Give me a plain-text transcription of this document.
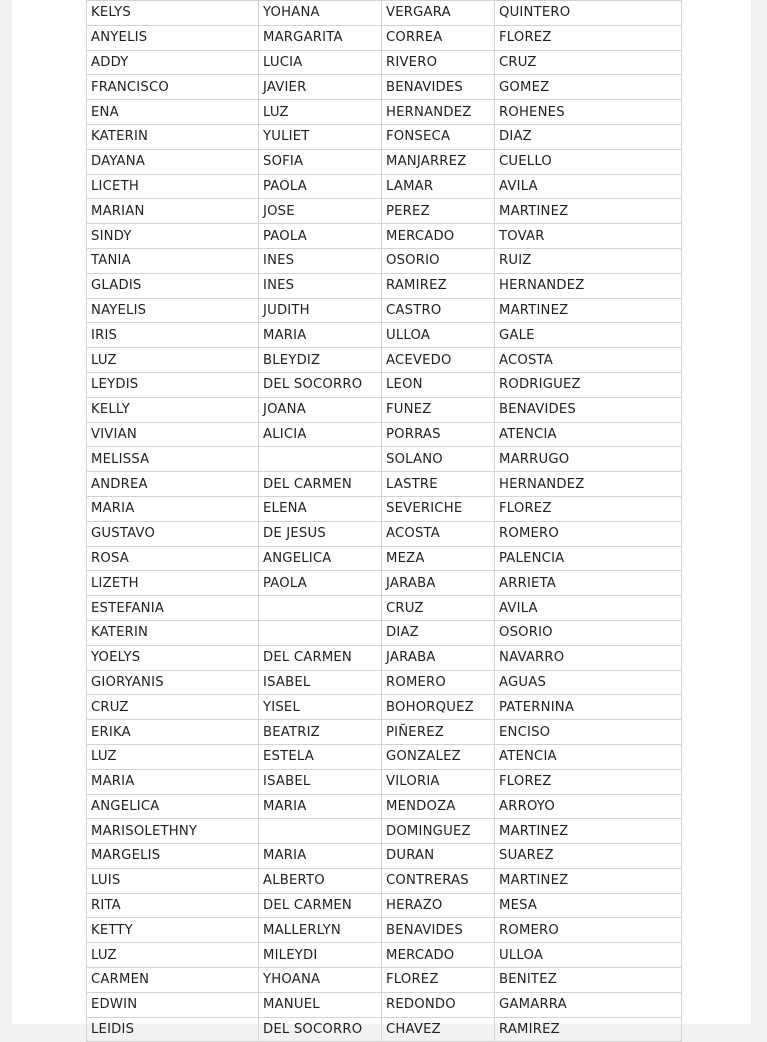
KELYS	YOHANA	VERGARA	QUINTERO
ANYELIS	MARGARITA	CORREA	FLOREZ
ADDY	LUCIA	RIVERO	CRUZ
FRANCISCO	JAVIER	BENAVIDES	GOMEZ
ENA	LUZ	HERNANDEZ	ROHENES
KATERIN	YULIET	FONSECA	DIAZ
DAYANA	SOFIA	MANJARREZ	CUELLO
LICETH	PAOLA	LAMAR	AVILA
MARIAN	JOSE	PEREZ	MARTINEZ
SINDY	PAOLA	MERCADO	TOVAR
TANIA	INES	OSORIO	RUIZ
GLADIS	INES	RAMIREZ	HERNANDEZ
NAYELIS	JUDITH	CASTRO	MARTINEZ
IRIS	MARIA	ULLOA	GALE
LUZ	BLEYDIZ	ACEVEDO	ACOSTA
LEYDIS	DEL SOCORRO	LEON	RODRIGUEZ
KELLY	JOANA	FUNEZ	BENAVIDES
VIVIAN	ALICIA	PORRAS	ATENCIA
MELISSA		SOLANO	MARRUGO
ANDREA	DEL CARMEN	LASTRE	HERNANDEZ
MARIA	ELENA	SEVERICHE	FLOREZ
GUSTAVO	DE JESUS	ACOSTA	ROMERO
ROSA	ANGELICA	MEZA	PALENCIA
LIZETH	PAOLA	JARABA	ARRIETA
ESTEFANIA		CRUZ	AVILA
KATERIN		DIAZ	OSORIO
YOELYS	DEL CARMEN	JARABA	NAVARRO
GIORYANIS	ISABEL	ROMERO	AGUAS
CRUZ	YISEL	BOHORQUEZ	PATERNINA
ERIKA	BEATRIZ	PIÑEREZ	ENCISO
LUZ	ESTELA	GONZALEZ	ATENCIA
MARIA	ISABEL	VILORIA	FLOREZ
ANGELICA	MARIA	MENDOZA	ARROYO
MARISOLETHNY		DOMINGUEZ	MARTINEZ
MARGELIS	MARIA	DURAN	SUAREZ
LUIS	ALBERTO	CONTRERAS	MARTINEZ
RITA	DEL CARMEN	HERAZO	MESA
KETTY	MALLERLYN	BENAVIDES	ROMERO
LUZ	MILEYDI	MERCADO	ULLOA
CARMEN	YHOANA	FLOREZ	BENITEZ
EDWIN	MANUEL	REDONDO	GAMARRA
LEIDIS	DEL SOCORRO	CHAVEZ	RAMIREZ
